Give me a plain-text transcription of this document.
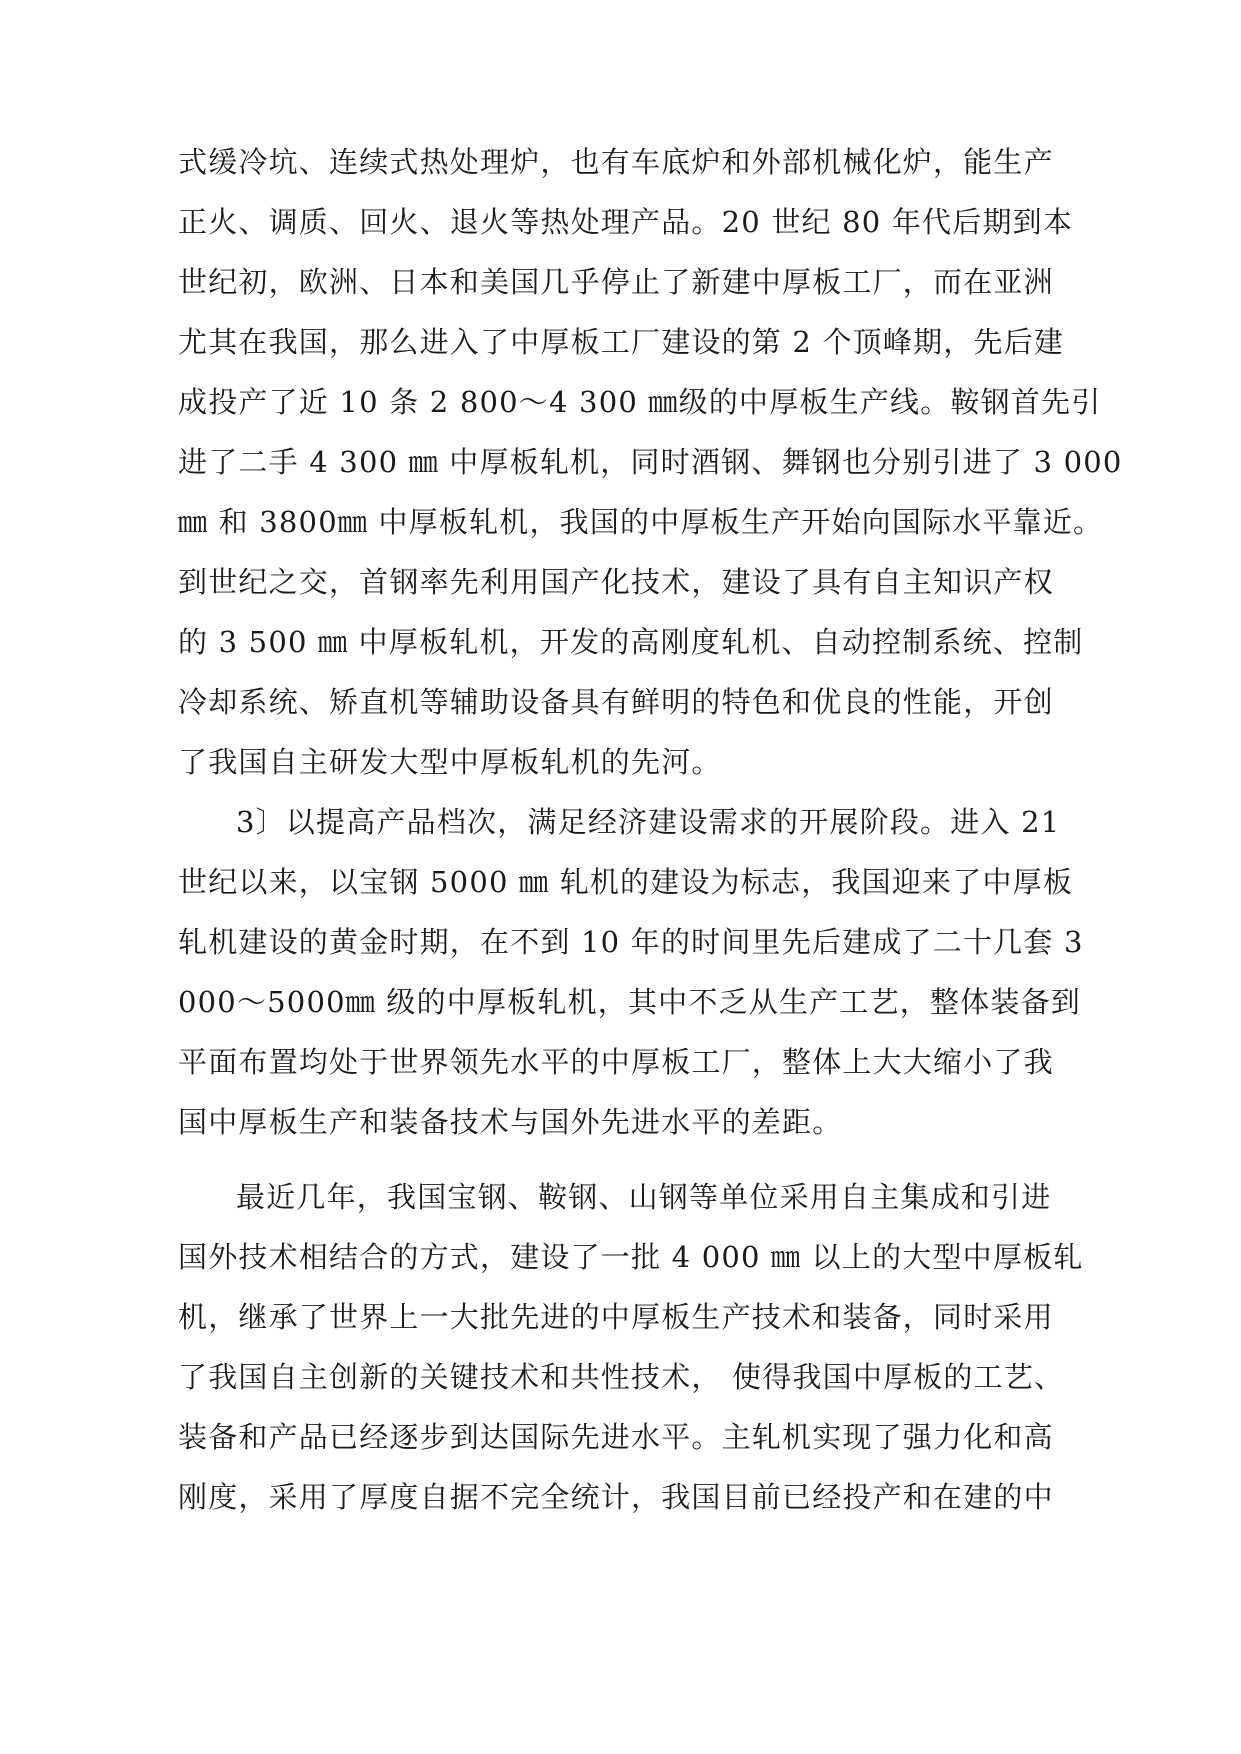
式缓冷坑、连续式热处理炉，也有车底炉和外部机械化炉，能生产
正火、调质、回火、退火等热处理产品。20 世纪 80 年代后期到本
世纪初，欧洲、日本和美国几乎停止了新建中厚板工厂，而在亚洲
尤其在我国，那么进入了中厚板工厂建设的第 2 个顶峰期，先后建
成投产了近 10 条 2 800～4 300 ㎜级的中厚板生产线。鞍钢首先引
进了二手 4 300 ㎜ 中厚板轧机，同时酒钢、舞钢也分别引进了 3 000
㎜ 和 3800㎜ 中厚板轧机，我国的中厚板生产开始向国际水平靠近。
到世纪之交，首钢率先利用国产化技术，建设了具有自主知识产权
的 3 500 ㎜ 中厚板轧机，开发的高刚度轧机、自动控制系统、控制
冷却系统、矫直机等辅助设备具有鲜明的特色和优良的性能，开创
了我国自主研发大型中厚板轧机的先河。
3〕以提高产品档次，满足经济建设需求的开展阶段。进入 21
世纪以来，以宝钢 5000 ㎜ 轧机的建设为标志，我国迎来了中厚板
轧机建设的黄金时期，在不到 10 年的时间里先后建成了二十几套 3
000～5000㎜ 级的中厚板轧机，其中不乏从生产工艺，整体装备到
平面布置均处于世界领先水平的中厚板工厂，整体上大大缩小了我
国中厚板生产和装备技术与国外先进水平的差距。
最近几年，我国宝钢、鞍钢、山钢等单位采用自主集成和引进
国外技术相结合的方式，建设了一批 4 000 ㎜ 以上的大型中厚板轧
机，继承了世界上一大批先进的中厚板生产技术和装备，同时采用
了我国自主创新的关键技术和共性技术， 使得我国中厚板的工艺、
装备和产品已经逐步到达国际先进水平。主轧机实现了强力化和高
刚度，采用了厚度自据不完全统计，我国目前已经投产和在建的中
